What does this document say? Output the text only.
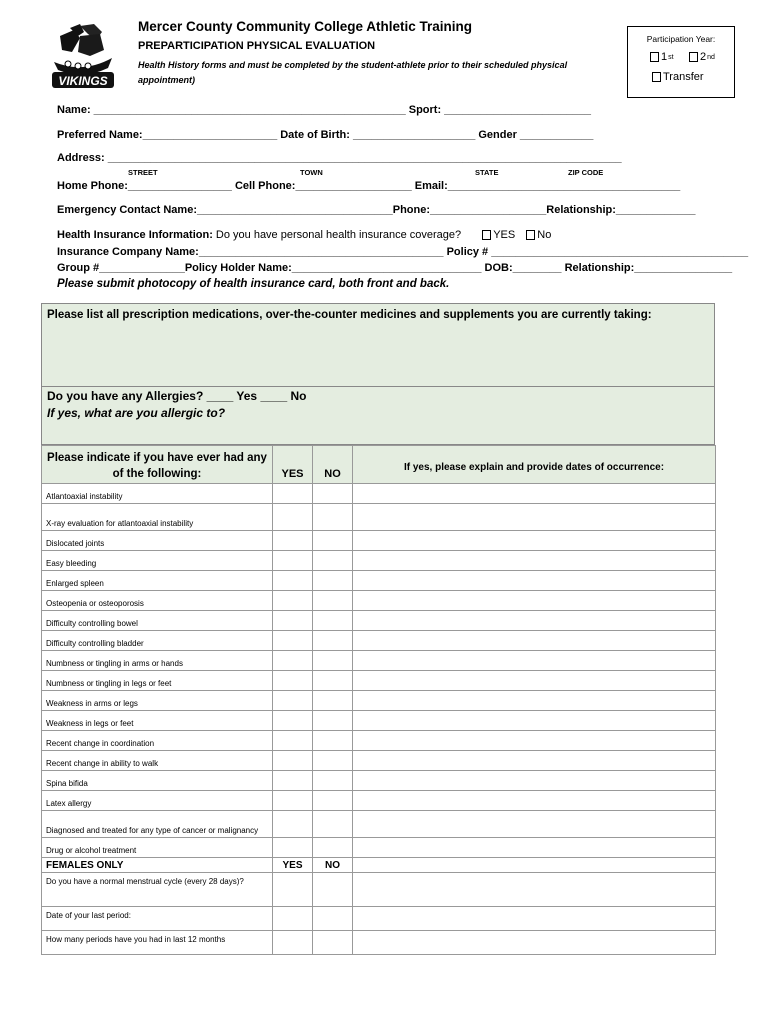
VIKINGS
Mercer County Community College Athletic Training
PREPARTICIPATION PHYSICAL EVALUATION
Health History forms and must be completed by the student-athlete prior to their scheduled physical appointment)
Participation Year:
1 st 2 nd
Transfer
Name: ___________________________________________________ Sport: ________________________
Preferred Name:______________________ Date of Birth: ____________________ Gender ____________
Address: ____________________________________________________________________________________
STREET	TOWN	STATE	ZIP CODE
Home Phone:_________________ Cell Phone:___________________ Email:______________________________________
Emergency Contact Name:________________________________Phone:___________________Relationship:_____________
Health Insurance Information: Do you have personal health insurance coverage?	YES No
Insurance Company Name:________________________________________ Policy # __________________________________________
Group #______________Policy Holder Name:_______________________________ DOB:________ Relationship:________________
Please submit photocopy of health insurance card, both front and back.
Please list all prescription medications, over-the-counter medicines and supplements you are currently taking:
Do you have any Allergies? ____ Yes ____ No
If yes, what are you allergic to?
Please indicate if you have ever had any of the following:	YES	NO	If yes, please explain and provide dates of occurrence:
Atlantoaxial instability			
X-ray evaluation for atlantoaxial instability			
Dislocated joints			
Easy bleeding			
Enlarged spleen			
Osteopenia or osteoporosis			
Difficulty controlling bowel			
Difficulty controlling bladder			
Numbness or tingling in arms or hands			
Numbness or tingling in legs or feet			
Weakness in arms or legs			
Weakness in legs or feet			
Recent change in coordination			
Recent change in ability to walk			
Spina bifida			
Latex allergy			
Diagnosed and treated for any type of cancer or malignancy			
Drug or alcohol treatment			
FEMALES ONLY	YES	NO	
Do you have a normal menstrual cycle (every 28 days)?			
Date of your last period:			
How many periods have you had in last 12 months			
